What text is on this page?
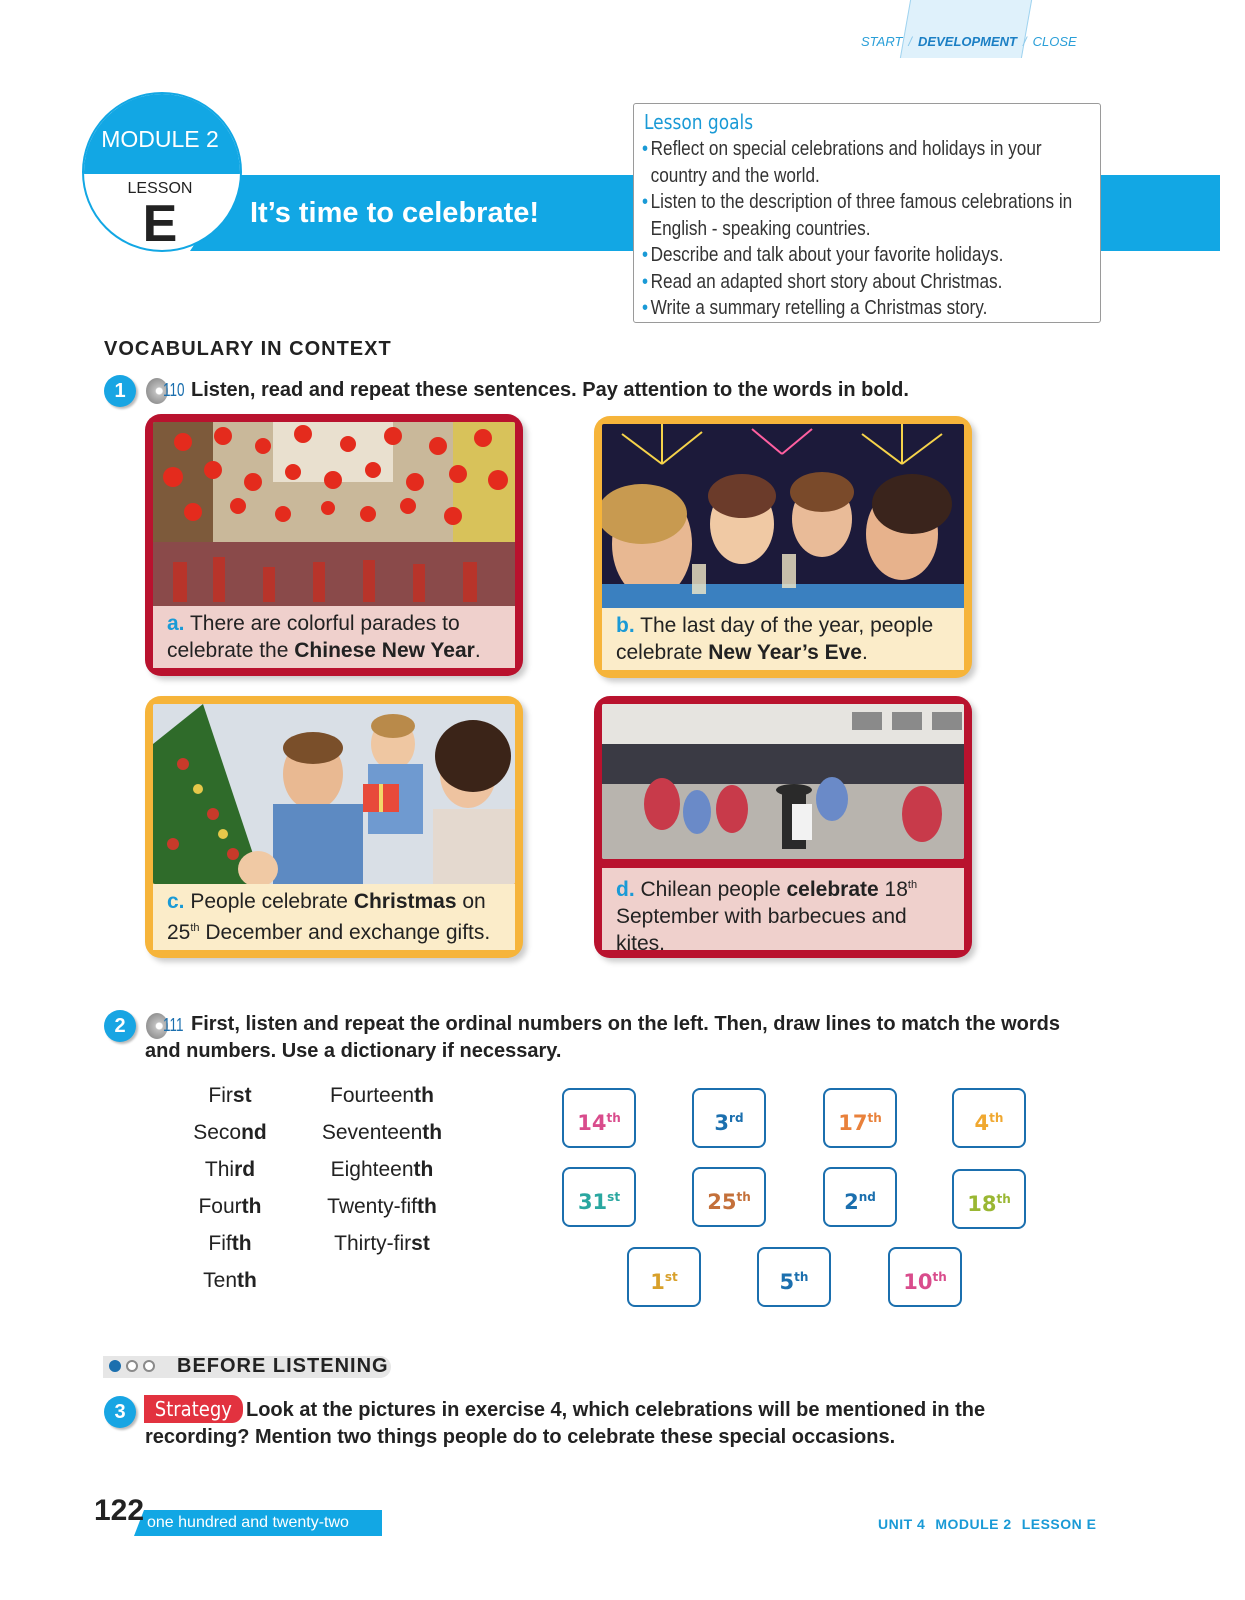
START / DEVELOPMENT / CLOSE
MODULE 2
LESSON
E	It’s time to celebrate!
Lesson goals
• Reflect on special celebrations and holidays in your country and the world.
• Listen to the description of three famous celebrations in English - speaking countries.
• Describe and talk about your favorite holidays.
• Read an adapted short story about Christmas.
• Write a summary retelling a Christmas story.
VOCABULARY IN CONTEXT
1	110 Listen, read and repeat these sentences. Pay attention to the words in bold.
a. There are colorful parades to celebrate the Chinese New Year.
b. The last day of the year, people celebrate New Year’s Eve.
c. People celebrate Christmas on 25th December and exchange gifts.
d. Chilean people celebrate 18th September with barbecues and kites.
2	111 First, listen and repeat the ordinal numbers on the left. Then, draw lines to match the words and numbers. Use a dictionary if necessary.
First
Second
Third
Fourth
Fifth
Tenth
Fourteenth
Seventeenth
Eighteenth
Twenty-fifth
Thirty-first
14th	3rd	17th	4th
31st	25th	2nd	18th
1st	5th	10th
BEFORE LISTENING
3	Strategy Look at the pictures in exercise 4, which celebrations will be mentioned in the recording? Mention two things people do to celebrate these special occasions.
122 one hundred and twenty-two	UNIT 4 MODULE 2 LESSON E
